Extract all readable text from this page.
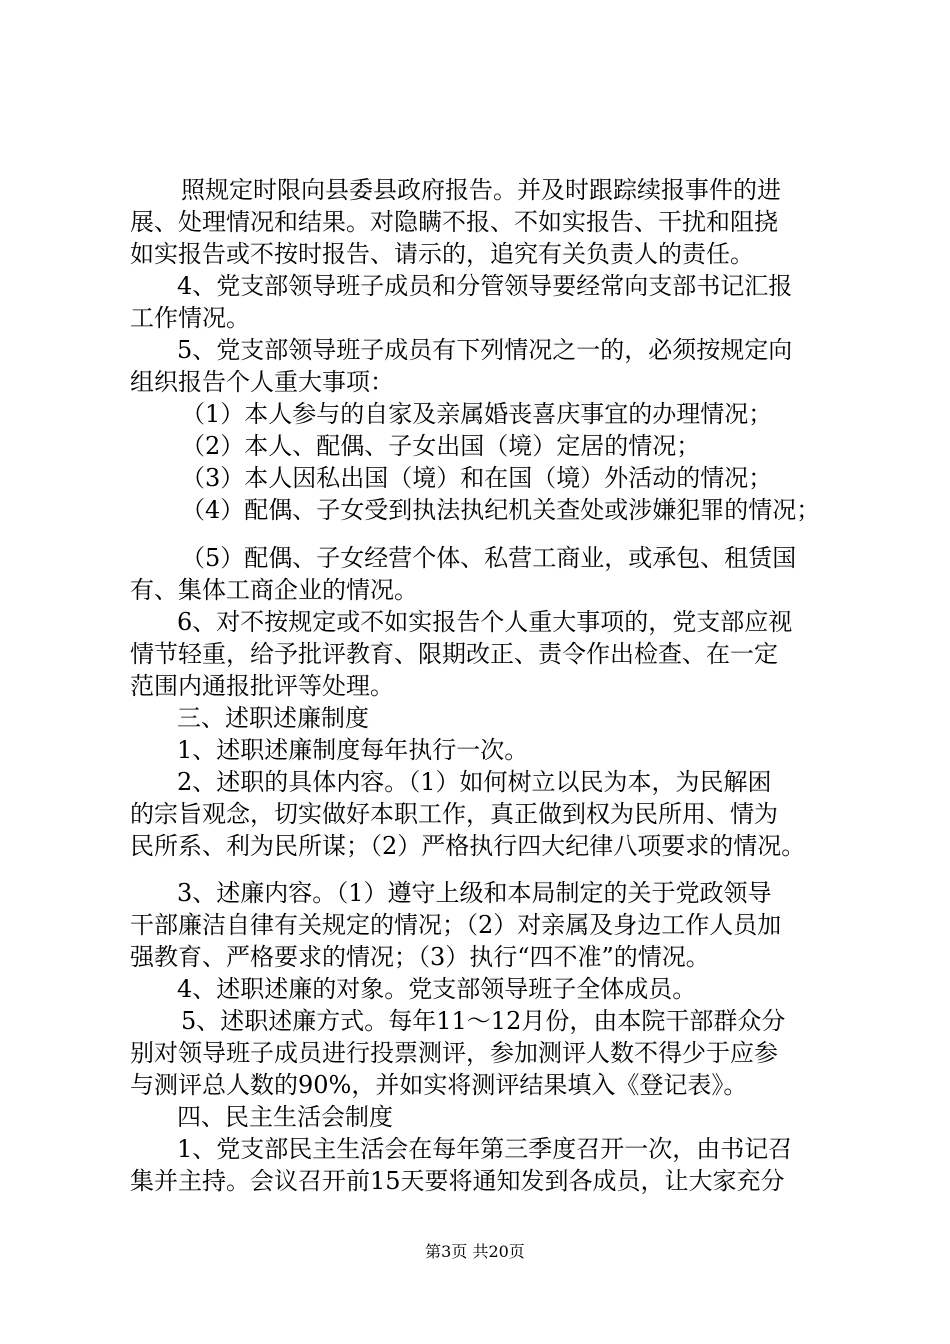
照规定时限向县委县政府报告。并及时跟踪续报事件的进
展、处理情况和结果。对隐瞒不报、不如实报告、干扰和阻挠
如实报告或不按时报告、请示的，追究有关负责人的责任。
4、党支部领导班子成员和分管领导要经常向支部书记汇报
工作情况。
5、党支部领导班子成员有下列情况之一的，必须按规定向
组织报告个人重大事项：
（1）本人参与的自家及亲属婚丧喜庆事宜的办理情况；
（2）本人、配偶、子女出国（境）定居的情况；
（3）本人因私出国（境）和在国（境）外活动的情况；
（4）配偶、子女受到执法执纪机关查处或涉嫌犯罪的情况；
（5）配偶、子女经营个体、私营工商业，或承包、租赁国
有、集体工商企业的情况。
6、对不按规定或不如实报告个人重大事项的，党支部应视
情节轻重，给予批评教育、限期改正、责令作出检查、在一定
范围内通报批评等处理。
三、述职述廉制度
1、述职述廉制度每年执行一次。
2、述职的具体内容。（1）如何树立以民为本，为民解困
的宗旨观念，切实做好本职工作，真正做到权为民所用、情为
民所系、利为民所谋；（2）严格执行四大纪律八项要求的情况。
3、述廉内容。（1）遵守上级和本局制定的关于党政领导
干部廉洁自律有关规定的情况；（2）对亲属及身边工作人员加
强教育、严格要求的情况；（3）执行“四不准”的情况。
4、述职述廉的对象。党支部领导班子全体成员。
5、述职述廉方式。每年11～12月份，由本院干部群众分
别对领导班子成员进行投票测评，参加测评人数不得少于应参
与测评总人数的90%，并如实将测评结果填入《登记表》。
四、民主生活会制度
1、党支部民主生活会在每年第三季度召开一次，由书记召
集并主持。会议召开前15天要将通知发到各成员，让大家充分
第3页 共20页
